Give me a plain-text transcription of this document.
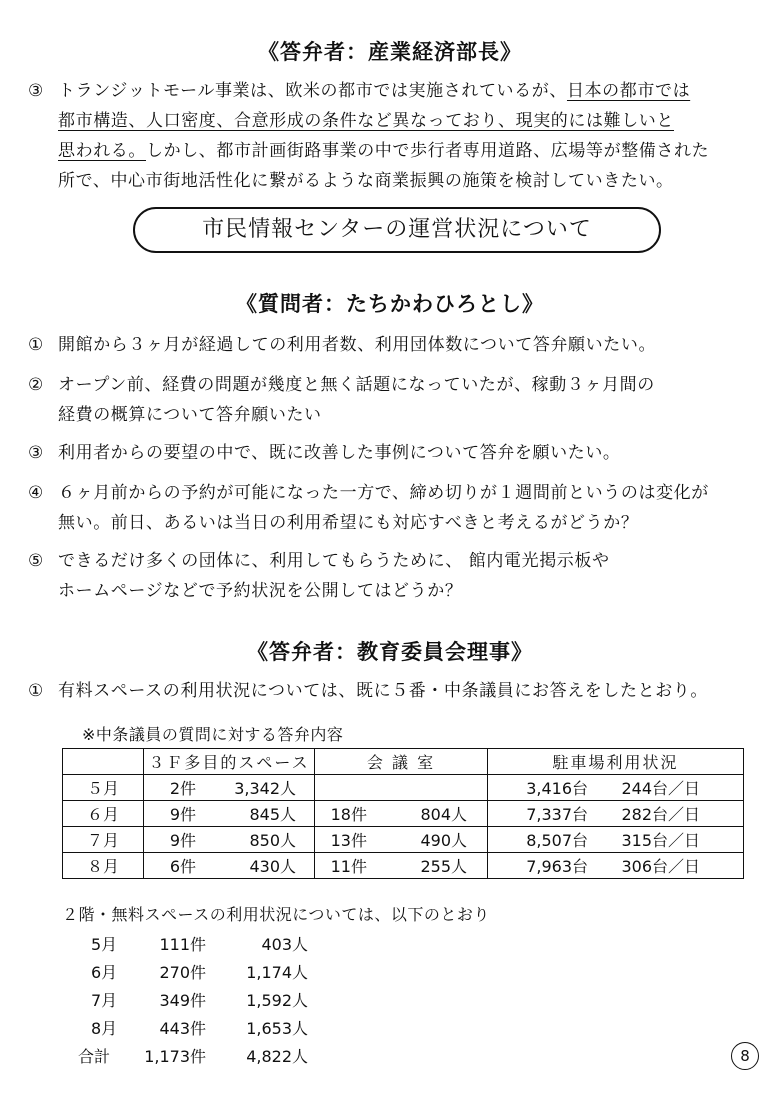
《答弁者：産業経済部長》
③ トランジットモール事業は、欧米の都市では実施されているが、日本の都市では
都市構造、人口密度、合意形成の条件など異なっており、現実的には難しいと
思われる。しかし、都市計画街路事業の中で歩行者専用道路、広場等が整備された
所で、中心市街地活性化に繋がるような商業振興の施策を検討していきたい。
市民情報センターの運営状況について
《質問者：たちかわひろとし》
① 開館から３ヶ月が経過しての利用者数、利用団体数について答弁願いたい。
② オープン前、経費の問題が幾度と無く話題になっていたが、稼動３ヶ月間の
経費の概算について答弁願いたい
③ 利用者からの要望の中で、既に改善した事例について答弁を願いたい。
④ ６ヶ月前からの予約が可能になった一方で、締め切りが１週間前というのは変化が
無い。前日、あるいは当日の利用希望にも対応すべきと考えるがどうか？
⑤ できるだけ多くの団体に、利用してもらうために、 館内電光掲示板や
ホームページなどで予約状況を公開してはどうか？
《答弁者：教育委員会理事》
① 有料スペースの利用状況については、既に５番・中条議員にお答えをしたとおり。
※中条議員の質問に対する答弁内容
	３Ｆ多目的スペース	会 議 室	駐車場利用状況
５月	2件 3,342人		3,416台 244台／日
６月	9件 845人	18件 804人	7,337台 282台／日
７月	9件 850人	13件 490人	8,507台 315台／日
８月	6件 430人	11件 255人	7,963台 306台／日
２階・無料スペースの利用状況については、以下のとおり
5月	111件	403人
6月	270件	1,174人
7月	349件	1,592人
8月	443件	1,653人
合計	1,173件	4,822人	8
